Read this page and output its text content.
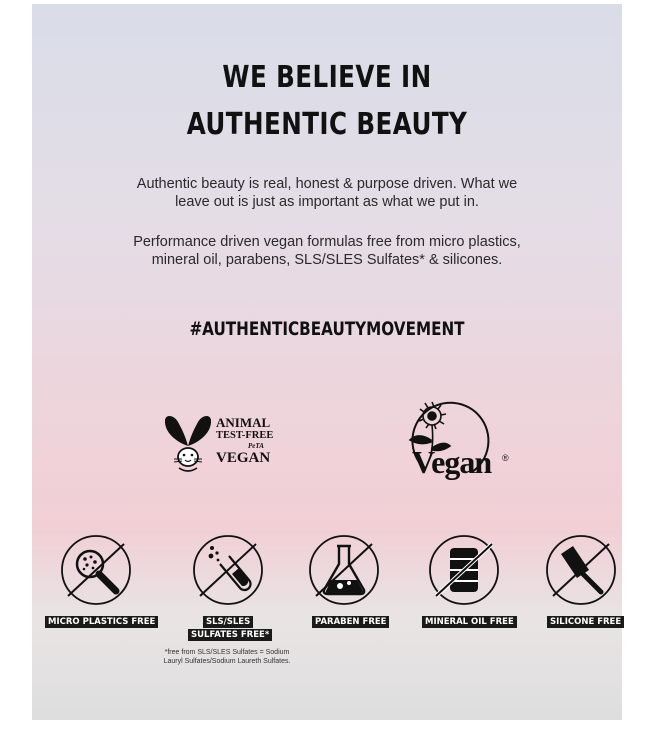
WE BELIEVE IN
AUTHENTIC BEAUTY
Authentic beauty is real, honest & purpose driven. What we
leave out is just as important as what we put in.
Performance driven vegan formulas free from micro plastics,
mineral oil, parabens, SLS/SLES Sulfates* & silicones.
#AUTHENTICBEAUTYMOVEMENT
ANIMAL
TEST-FREE
PeTA
VEGAN	Vegan ®
MICRO PLASTICS FREE	SLS/SLES
SULFATES FREE*
*free from SLS/SLES Sulfates = Sodium
Lauryl Sulfates/Sodium Laureth Sulfates.
PARABEN FREE	MINERAL OIL FREE	SILICONE FREE
